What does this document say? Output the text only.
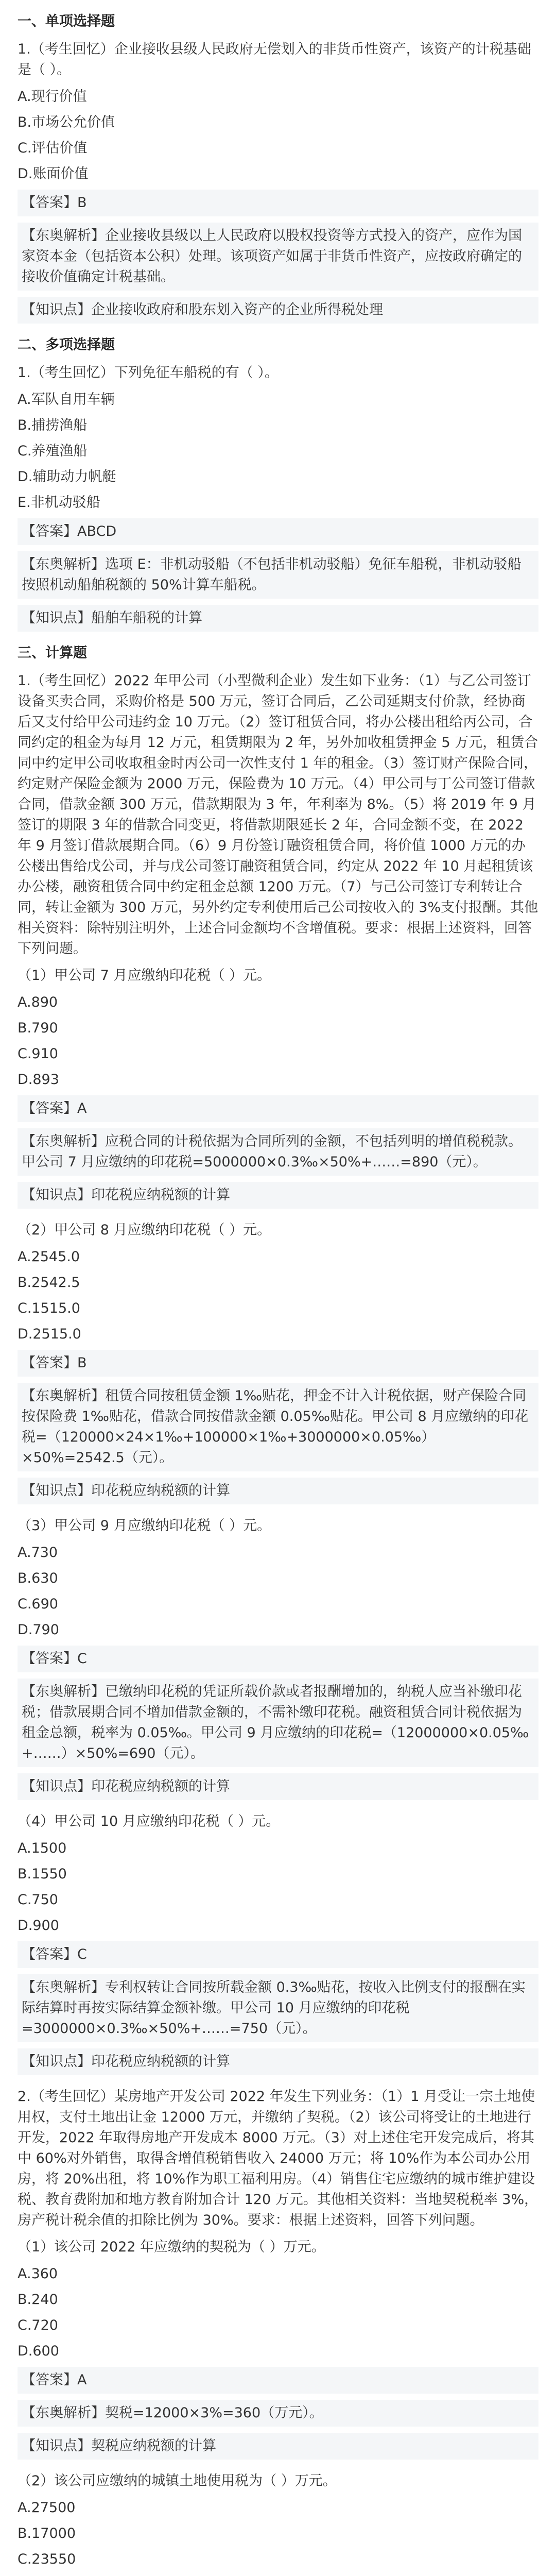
一、单项选择题
1.（考生回忆）企业接收县级人民政府无偿划入的非货币性资产，该资产的计税基础是（ ）。
A.现行价值
B.市场公允价值
C.评估价值
D.账面价值
【答案】B
【东奥解析】企业接收县级以上人民政府以股权投资等方式投入的资产，应作为国家资本金（包括资本公积）处理。该项资产如属于非货币性资产，应按政府确定的接收价值确定计税基础。
【知识点】企业接收政府和股东划入资产的企业所得税处理
二、多项选择题
1.（考生回忆）下列免征车船税的有（ ）。
A.军队自用车辆
B.捕捞渔船
C.养殖渔船
D.辅助动力帆艇
E.非机动驳船
【答案】ABCD
【东奥解析】选项 E：非机动驳船（不包括非机动驳船）免征车船税，非机动驳船按照机动船舶税额的 50%计算车船税。
【知识点】船舶车船税的计算
三、计算题
1.（考生回忆）2022 年甲公司（小型微利企业）发生如下业务：（1）与乙公司签订设备买卖合同，采购价格是 500 万元，签订合同后，乙公司延期支付价款，经协商后又支付给甲公司违约金 10 万元。（2）签订租赁合同，将办公楼出租给丙公司，合同约定的租金为每月 12 万元，租赁期限为 2 年，另外加收租赁押金 5 万元，租赁合同中约定甲公司收取租金时丙公司一次性支付 1 年的租金。（3）签订财产保险合同，约定财产保险金额为 2000 万元，保险费为 10 万元。（4）甲公司与丁公司签订借款合同，借款金额 300 万元，借款期限为 3 年，年利率为 8%。（5）将 2019 年 9 月签订的期限 3 年的借款合同变更，将借款期限延长 2 年，合同金额不变，在 2022 年 9 月签订借款展期合同。（6）9 月份签订融资租赁合同，将价值 1000 万元的办公楼出售给戊公司，并与戊公司签订融资租赁合同，约定从 2022 年 10 月起租赁该办公楼，融资租赁合同中约定租金总额 1200 万元。（7）与己公司签订专利转让合同，转让金额为 300 万元，另外约定专利使用后己公司按收入的 3%支付报酬。其他相关资料：除特别注明外，上述合同金额均不含增值税。要求：根据上述资料，回答下列问题。
（1）甲公司 7 月应缴纳印花税（ ）元。
A.890
B.790
C.910
D.893
【答案】A
【东奥解析】应税合同的计税依据为合同所列的金额，不包括列明的增值税税款。甲公司 7 月应缴纳的印花税=5000000×0.3‰×50%+……=890（元）。
【知识点】印花税应纳税额的计算
（2）甲公司 8 月应缴纳印花税（ ）元。
A.2545.0
B.2542.5
C.1515.0
D.2515.0
【答案】B
【东奥解析】租赁合同按租赁金额 1‰贴花，押金不计入计税依据，财产保险合同按保险费 1‰贴花，借款合同按借款金额 0.05‰贴花。甲公司 8 月应缴纳的印花税=（120000×24×1‰+100000×1‰+3000000×0.05‰）×50%=2542.5（元）。
【知识点】印花税应纳税额的计算
（3）甲公司 9 月应缴纳印花税（ ）元。
A.730
B.630
C.690
D.790
【答案】C
【东奥解析】已缴纳印花税的凭证所载价款或者报酬增加的，纳税人应当补缴印花税；借款展期合同不增加借款金额的，不需补缴印花税。融资租赁合同计税依据为租金总额，税率为 0.05‰。甲公司 9 月应缴纳的印花税=（12000000×0.05‰+……）×50%=690（元）。
【知识点】印花税应纳税额的计算
（4）甲公司 10 月应缴纳印花税（ ）元。
A.1500
B.1550
C.750
D.900
【答案】C
【东奥解析】专利权转让合同按所载金额 0.3‰贴花，按收入比例支付的报酬在实际结算时再按实际结算金额补缴。甲公司 10 月应缴纳的印花税=3000000×0.3‰×50%+……=750（元）。
【知识点】印花税应纳税额的计算
2.（考生回忆）某房地产开发公司 2022 年发生下列业务：（1）1 月受让一宗土地使用权，支付土地出让金 12000 万元，并缴纳了契税。（2）该公司将受让的土地进行开发，2022 年取得房地产开发成本 8000 万元。（3）对上述住宅开发完成后，将其中 60%对外销售，取得含增值税销售收入 24000 万元；将 10%作为本公司办公用房，将 20%出租，将 10%作为职工福利用房。（4）销售住宅应缴纳的城市维护建设税、教育费附加和地方教育附加合计 120 万元。其他相关资料：当地契税税率 3%，房产税计税余值的扣除比例为 30%。要求：根据上述资料，回答下列问题。
（1）该公司 2022 年应缴纳的契税为（ ）万元。
A.360
B.240
C.720
D.600
【答案】A
【东奥解析】契税=12000×3%=360（万元）。
【知识点】契税应纳税额的计算
（2）该公司应缴纳的城镇土地使用税为（ ）万元。
A.27500
B.17000
C.23550
